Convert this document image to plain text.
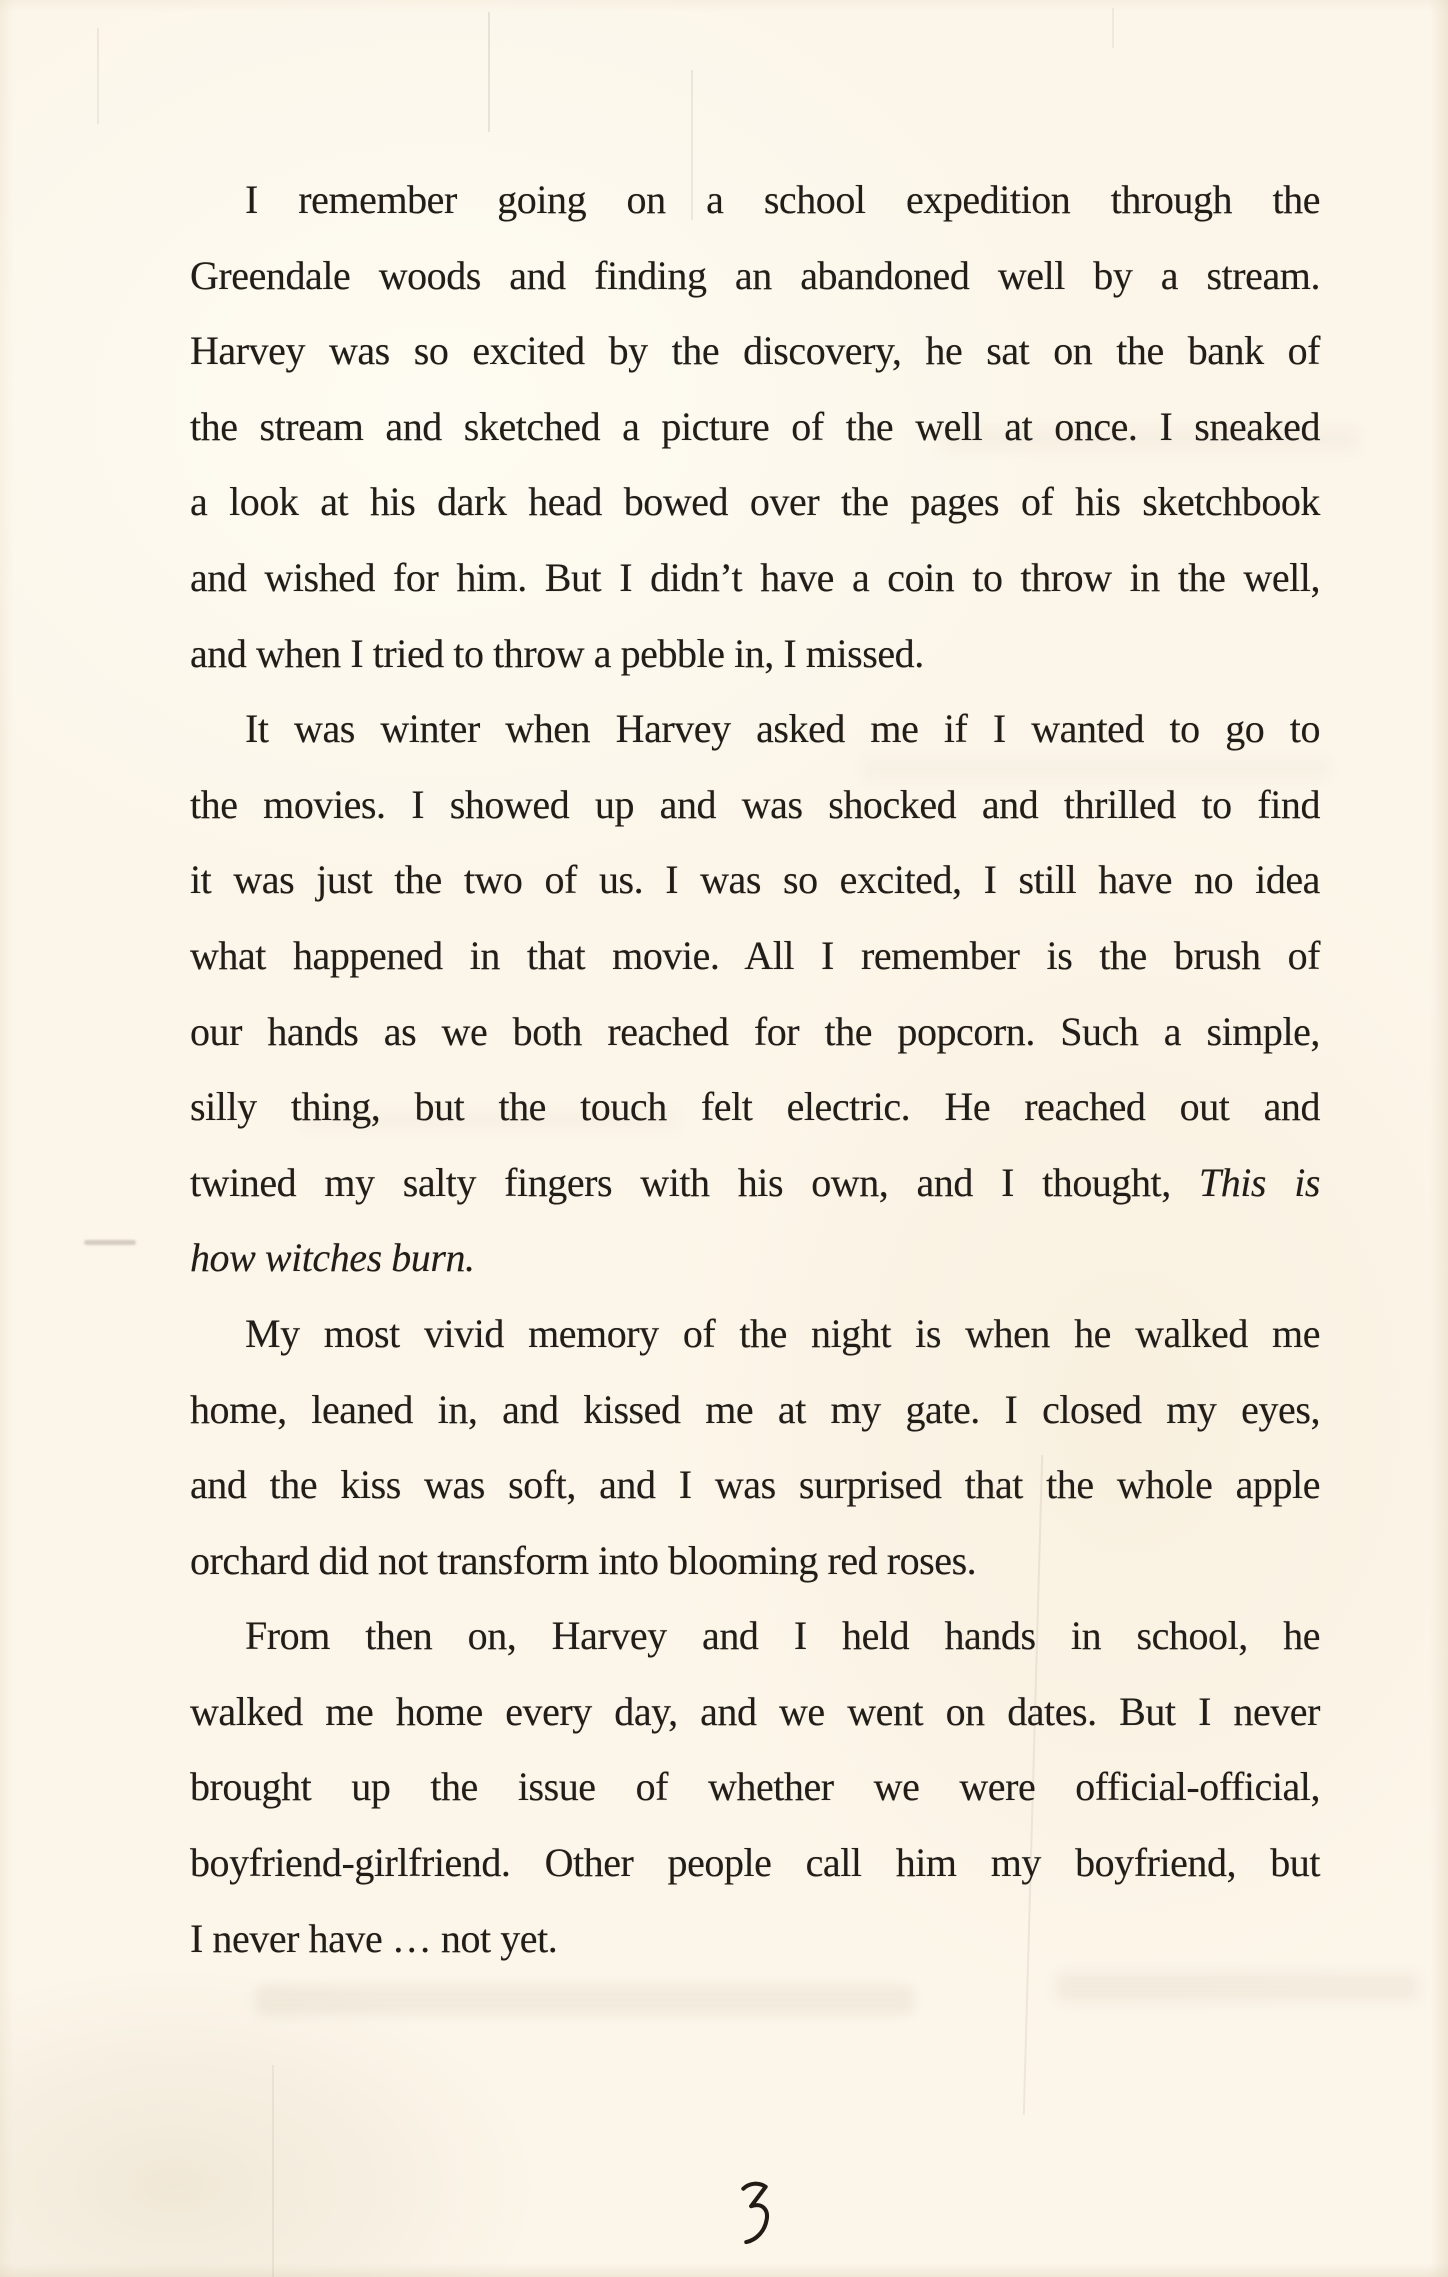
I remember going on a school expedition through the
Greendale woods and finding an abandoned well by a stream.
Harvey was so excited by the discovery, he sat on the bank of
the stream and sketched a picture of the well at once. I sneaked
a look at his dark head bowed over the pages of his sketchbook
and wished for him. But I didn’t have a coin to throw in the well,
and when I tried to throw a pebble in, I missed.
It was winter when Harvey asked me if I wanted to go to
the movies. I showed up and was shocked and thrilled to find
it was just the two of us. I was so excited, I still have no idea
what happened in that movie. All I remember is the brush of
our hands as we both reached for the popcorn. Such a simple,
silly thing, but the touch felt electric. He reached out and
twined my salty fingers with his own, and I thought, This is
how witches burn.
My most vivid memory of the night is when he walked me
home, leaned in, and kissed me at my gate. I closed my eyes,
and the kiss was soft, and I was surprised that the whole apple
orchard did not transform into blooming red roses.
From then on, Harvey and I held hands in school, he
walked me home every day, and we went on dates. But I never
brought up the issue of whether we were official-official,
boyfriend-girlfriend. Other people call him my boyfriend, but
I never have … not yet.
